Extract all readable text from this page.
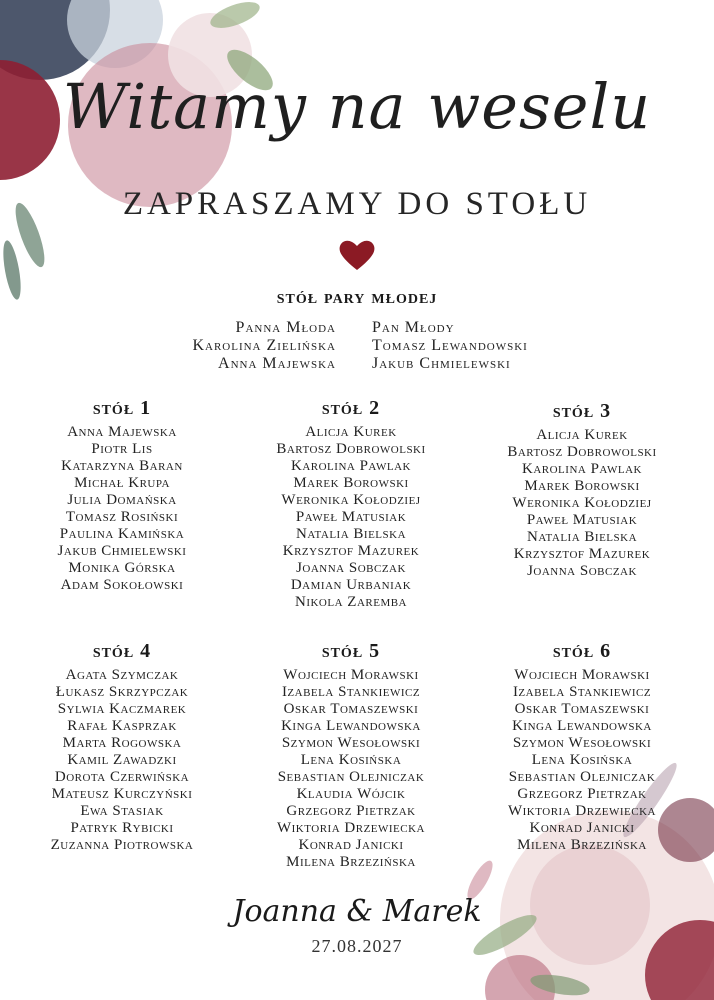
Witamy na weselu
ZAPRASZAMY DO STOŁU
stół pary młodej
Panna Młoda
Karolina Zielińska
Anna Majewska
Pan Młody
Tomasz Lewandowski
Jakub Chmielewski
stół 1
Anna Majewska
Piotr Lis
Katarzyna Baran
Michał Krupa
Julia Domańska
Tomasz Rosiński
Paulina Kamińska
Jakub Chmielewski
Monika Górska
Adam Sokołowski
stół 2
Alicja Kurek
Bartosz Dobrowolski
Karolina Pawlak
Marek Borowski
Weronika Kołodziej
Paweł Matusiak
Natalia Bielska
Krzysztof Mazurek
Joanna Sobczak
Damian Urbaniak
Nikola Zaremba
stół 3
Alicja Kurek
Bartosz Dobrowolski
Karolina Pawlak
Marek Borowski
Weronika Kołodziej
Paweł Matusiak
Natalia Bielska
Krzysztof Mazurek
Joanna Sobczak
stół 4
Agata Szymczak
Łukasz Skrzypczak
Sylwia Kaczmarek
Rafał Kasprzak
Marta Rogowska
Kamil Zawadzki
Dorota Czerwińska
Mateusz Kurczyński
Ewa Stasiak
Patryk Rybicki
Zuzanna Piotrowska
stół 5
Wojciech Morawski
Izabela Stankiewicz
Oskar Tomaszewski
Kinga Lewandowska
Szymon Wesołowski
Lena Kosińska
Sebastian Olejniczak
Klaudia Wójcik
Grzegorz Pietrzak
Wiktoria Drzewiecka
Konrad Janicki
Milena Brzezińska
stół 6
Wojciech Morawski
Izabela Stankiewicz
Oskar Tomaszewski
Kinga Lewandowska
Szymon Wesołowski
Lena Kosińska
Sebastian Olejniczak
Grzegorz Pietrzak
Wiktoria Drzewiecka
Konrad Janicki
Milena Brzezińska
Joanna & Marek
27.08.2027
